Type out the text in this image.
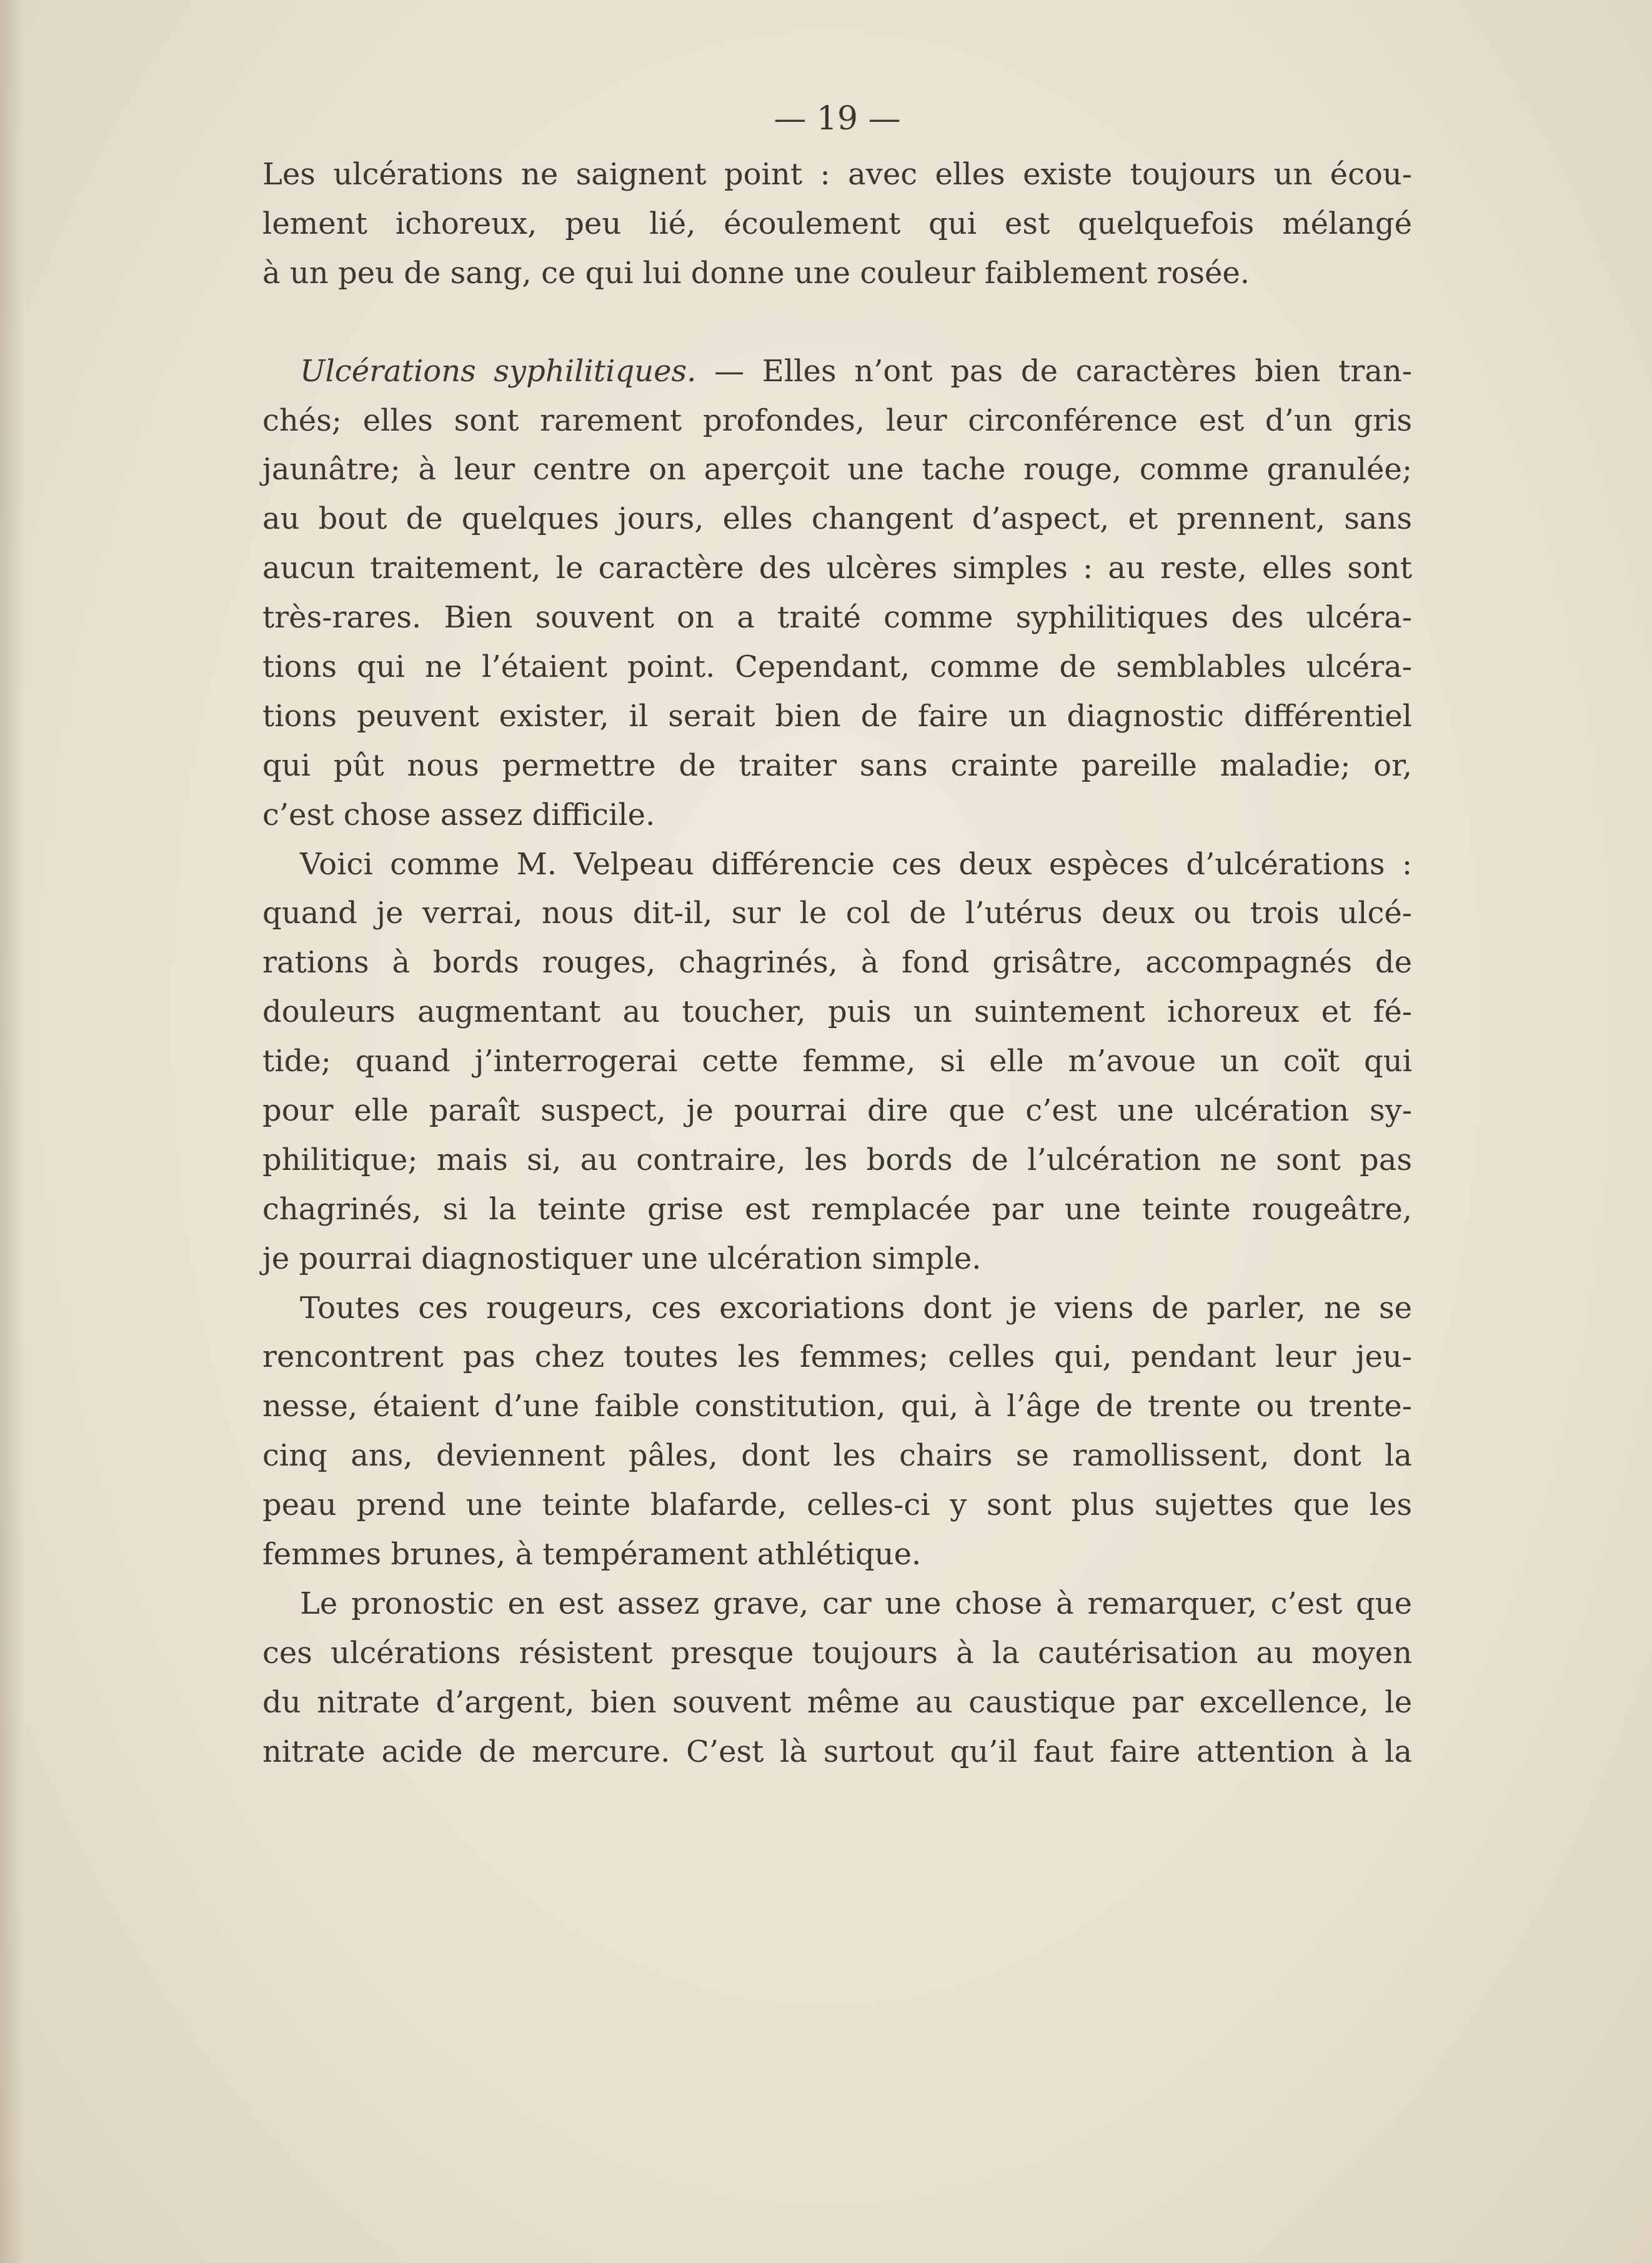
— 19 —
Les ulcérations ne saignent point : avec elles existe toujours un écou-
lement ichoreux, peu lié, écoulement qui est quelquefois mélangé
à un peu de sang, ce qui lui donne une couleur faiblement rosée.
Ulcérations syphilitiques. — Elles n’ont pas de caractères bien tran-
chés; elles sont rarement profondes, leur circonférence est d’un gris
jaunâtre; à leur centre on aperçoit une tache rouge, comme granulée;
au bout de quelques jours, elles changent d’aspect, et prennent, sans
aucun traitement, le caractère des ulcères simples : au reste, elles sont
très-rares. Bien souvent on a traité comme syphilitiques des ulcéra-
tions qui ne l’étaient point. Cependant, comme de semblables ulcéra-
tions peuvent exister, il serait bien de faire un diagnostic différentiel
qui pût nous permettre de traiter sans crainte pareille maladie; or,
c’est chose assez difficile.
Voici comme M. Velpeau différencie ces deux espèces d’ulcérations :
quand je verrai, nous dit-il, sur le col de l’utérus deux ou trois ulcé-
rations à bords rouges, chagrinés, à fond grisâtre, accompagnés de
douleurs augmentant au toucher, puis un suintement ichoreux et fé-
tide; quand j’interrogerai cette femme, si elle m’avoue un coït qui
pour elle paraît suspect, je pourrai dire que c’est une ulcération sy-
philitique; mais si, au contraire, les bords de l’ulcération ne sont pas
chagrinés, si la teinte grise est remplacée par une teinte rougeâtre,
je pourrai diagnostiquer une ulcération simple.
Toutes ces rougeurs, ces excoriations dont je viens de parler, ne se
rencontrent pas chez toutes les femmes; celles qui, pendant leur jeu-
nesse, étaient d’une faible constitution, qui, à l’âge de trente ou trente-
cinq ans, deviennent pâles, dont les chairs se ramollissent, dont la
peau prend une teinte blafarde, celles-ci y sont plus sujettes que les
femmes brunes, à tempérament athlétique.
Le pronostic en est assez grave, car une chose à remarquer, c’est que
ces ulcérations résistent presque toujours à la cautérisation au moyen
du nitrate d’argent, bien souvent même au caustique par excellence, le
nitrate acide de mercure. C’est là surtout qu’il faut faire attention à la
